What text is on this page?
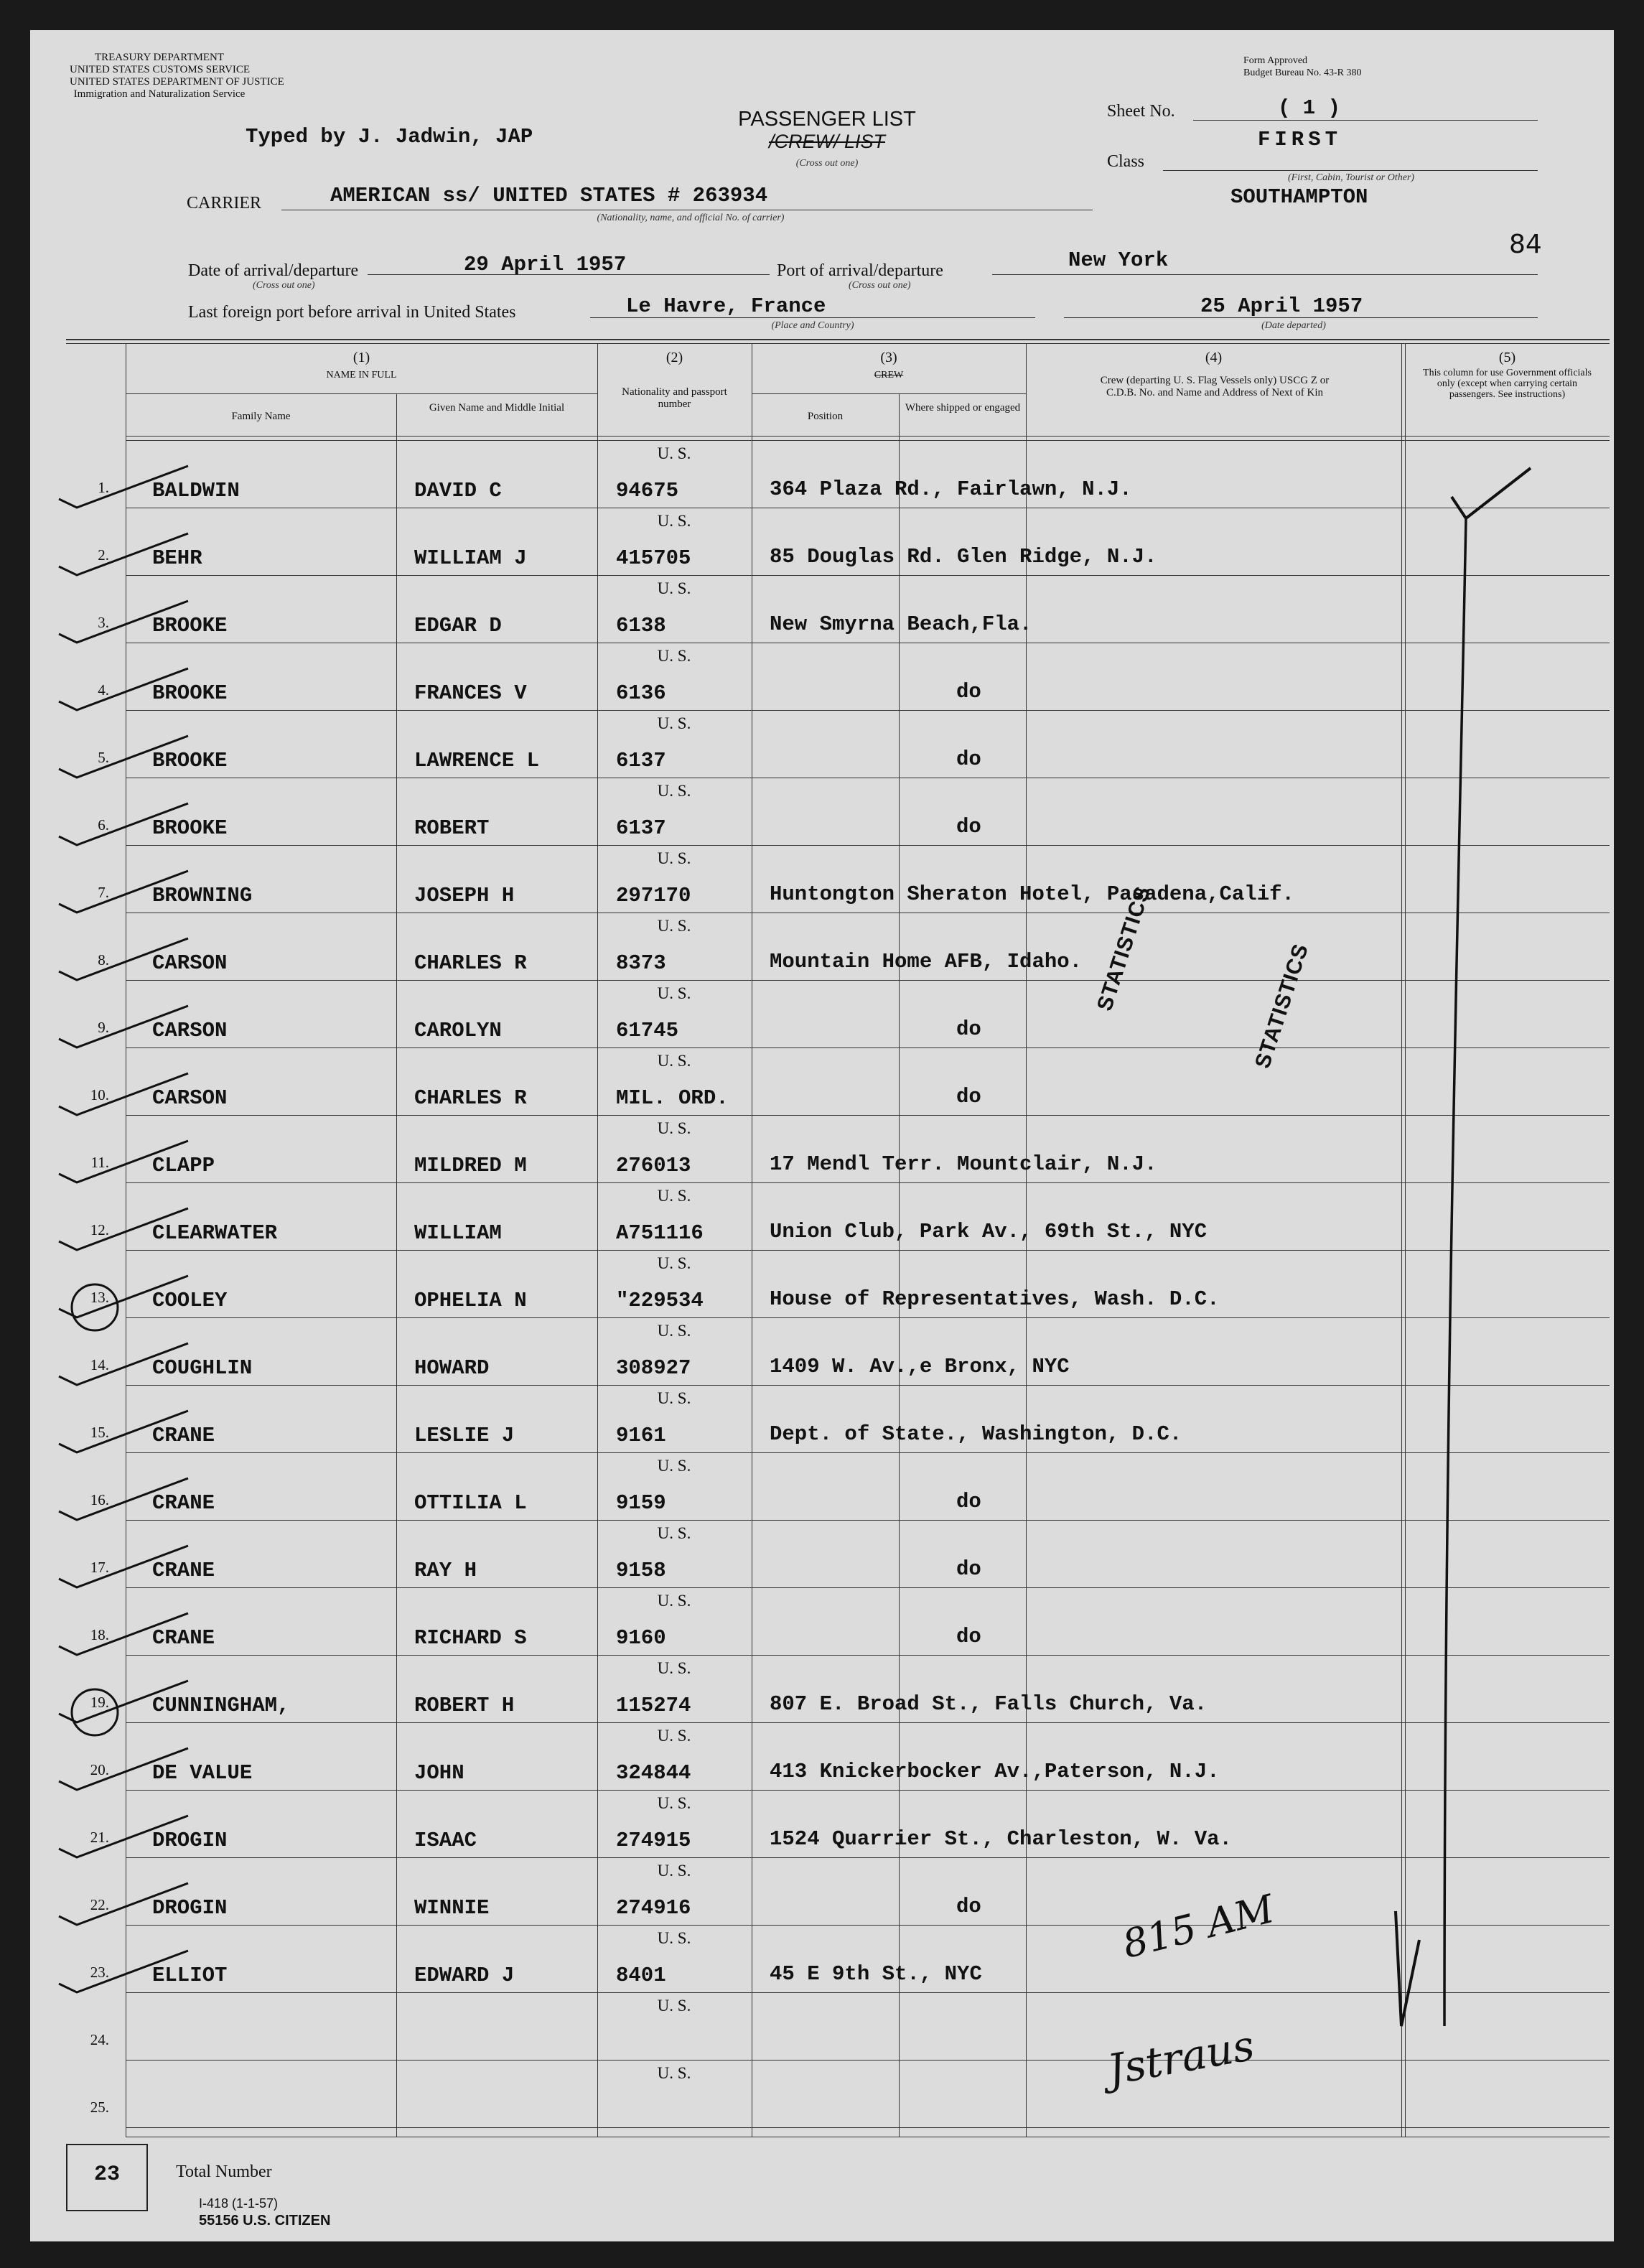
TREASURY DEPARTMENT
UNITED STATES CUSTOMS SERVICE
UNITED STATES DEPARTMENT OF JUSTICE
Immigration and Naturalization Service
Form Approved
Budget Bureau No. 43-R 380
Typed by J. Jadwin, JAP
PASSENGER LIST
/CREW/ LIST
(Cross out one)
Sheet No.	( 1 )
Class
FIRST
(First, Cabin, Tourist or Other)
CARRIER	AMERICAN ss/ UNITED STATES # 263934
(Nationality, name, and official No. of carrier)
SOUTHAMPTON
84
Date of arrival/departure	29 April 1957
(Cross out one)
Port of arrival/departure	New York
(Cross out one)
Last foreign port before arrival in United States	Le Havre, France
(Place and Country)
25 April 1957
(Date departed)
(1)
NAME IN FULL
Family Name
Given Name and Middle Initial
(2)
Nationality and passport number
(3)
CREW
Position
Where shipped or engaged
(4)
Crew (departing U. S. Flag Vessels only) USCG Z or C.D.B. No. and Name and Address of Next of Kin
(5)
This column for use Government officials only (except when carrying certain passengers. See instructions)
1.
U. S.
BALDWIN	DAVID C	94675	364 Plaza Rd., Fairlawn, N.J.
2.
U. S.
BEHR	WILLIAM J	415705	85 Douglas Rd. Glen Ridge, N.J.
3.
U. S.
BROOKE	EDGAR D	6138	New Smyrna Beach,Fla.
4.
U. S.
BROOKE	FRANCES V	6136	do
5.
U. S.
BROOKE	LAWRENCE L	6137	do
6.
U. S.
BROOKE	ROBERT	6137	do
7.
U. S.
BROWNING	JOSEPH H	297170	Huntongton Sheraton Hotel, Pasadena,Calif.
8.
U. S.
CARSON	CHARLES R	8373	Mountain Home AFB, Idaho.
9.
U. S.
CARSON	CAROLYN	61745	do
10.
U. S.
CARSON	CHARLES R	MIL. ORD.	do
11.
U. S.
CLAPP	MILDRED M	276013	17 Mendl Terr. Mountclair, N.J.
12.
U. S.
CLEARWATER	WILLIAM	A751116	Union Club, Park Av., 69th St., NYC
13.
U. S.
COOLEY	OPHELIA N	"229534	House of Representatives, Wash. D.C.
14.
U. S.
COUGHLIN	HOWARD	308927	1409 W. Av.,e Bronx, NYC
15.
U. S.
CRANE	LESLIE J	9161	Dept. of State., Washington, D.C.
16.
U. S.
CRANE	OTTILIA L	9159	do
17.
U. S.
CRANE	RAY H	9158	do
18.
U. S.
CRANE	RICHARD S	9160	do
19.
U. S.
CUNNINGHAM,	ROBERT H	115274	807 E. Broad St., Falls Church, Va.
20.
U. S.
DE VALUE	JOHN	324844	413 Knickerbocker Av.,Paterson, N.J.
21.
U. S.
DROGIN	ISAAC	274915	1524 Quarrier St., Charleston, W. Va.
22.
U. S.
DROGIN	WINNIE	274916	do
23.
U. S.
ELLIOT	EDWARD J	8401	45 E 9th St., NYC
24.
U. S.
25.
U. S.
STATISTICS	STATISTICS
815 AM
Jstraus
23	Total Number
I-418 (1-1-57)
55156 U.S. CITIZEN
